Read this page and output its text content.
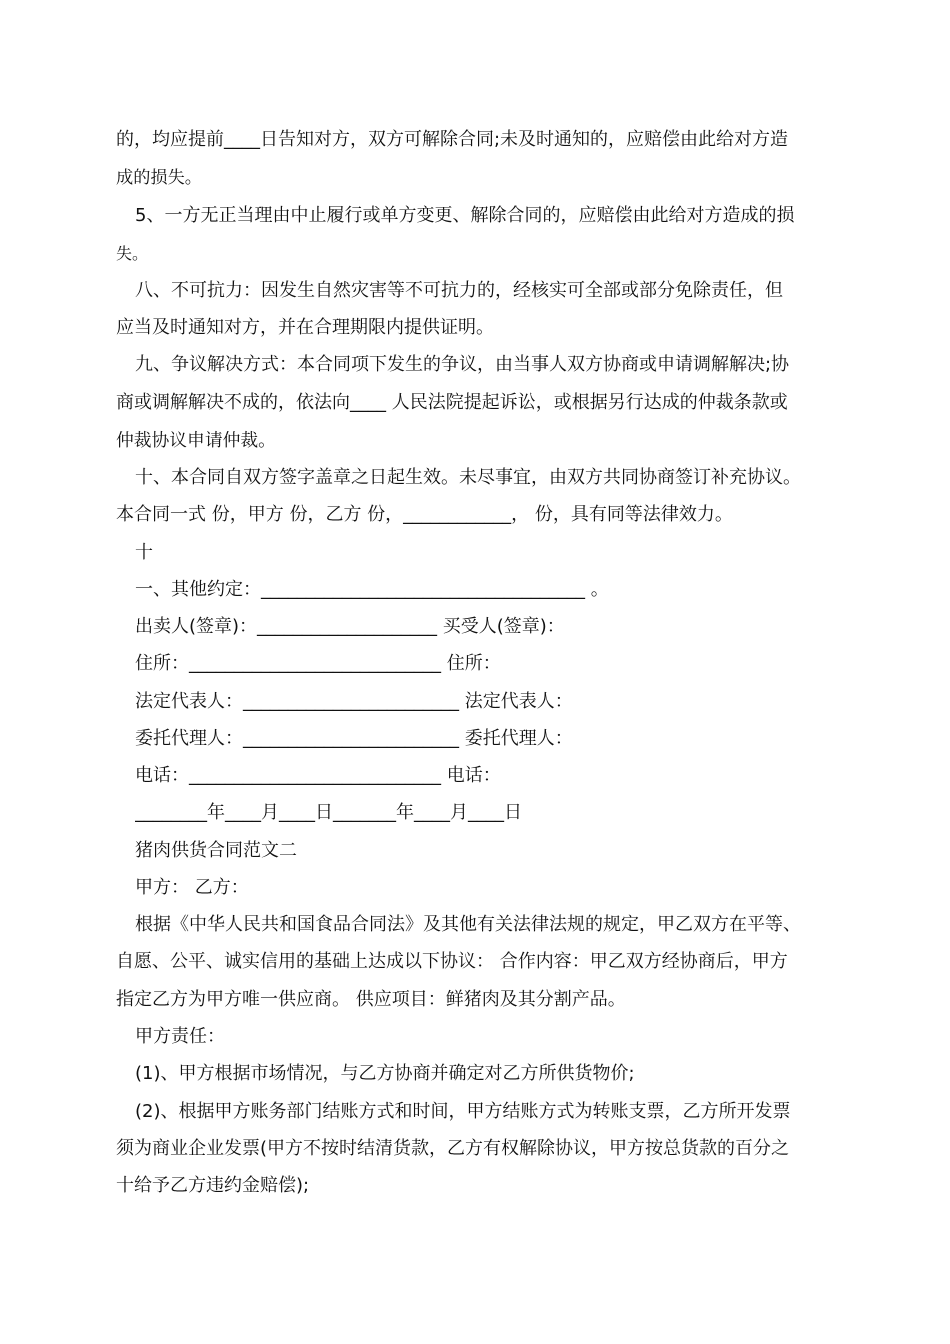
的，均应提前____日告知对方，双方可解除合同;未及时通知的，应赔偿由此给对方造
成的损失。
5、一方无正当理由中止履行或单方变更、解除合同的，应赔偿由此给对方造成的损
失。
八、不可抗力：因发生自然灾害等不可抗力的，经核实可全部或部分免除责任，但
应当及时通知对方，并在合理期限内提供证明。
九、争议解决方式：本合同项下发生的争议，由当事人双方协商或申请调解解决;协
商或调解解决不成的，依法向____ 人民法院提起诉讼，或根据另行达成的仲裁条款或
仲裁协议申请仲裁。
十、本合同自双方签字盖章之日起生效。未尽事宜，由双方共同协商签订补充协议。
本合同一式 份，甲方 份，乙方 份，____________， 份，具有同等法律效力。
十
一、其他约定：____________________________________ 。
出卖人(签章)：____________________ 买受人(签章)：
住所：____________________________ 住所：
法定代表人：________________________ 法定代表人：
委托代理人：________________________ 委托代理人：
电话：____________________________ 电话：
________年____月____日_______年____月____日
猪肉供货合同范文二
甲方： 乙方：
根据《中华人民共和国食品合同法》及其他有关法律法规的规定，甲乙双方在平等、
自愿、公平、诚实信用的基础上达成以下协议： 合作内容：甲乙双方经协商后，甲方
指定乙方为甲方唯一供应商。 供应项目：鲜猪肉及其分割产品。
甲方责任：
(1)、甲方根据市场情况，与乙方协商并确定对乙方所供货物价;
(2)、根据甲方账务部门结账方式和时间，甲方结账方式为转账支票，乙方所开发票
须为商业企业发票(甲方不按时结清货款，乙方有权解除协议，甲方按总货款的百分之
十给予乙方违约金赔偿);
